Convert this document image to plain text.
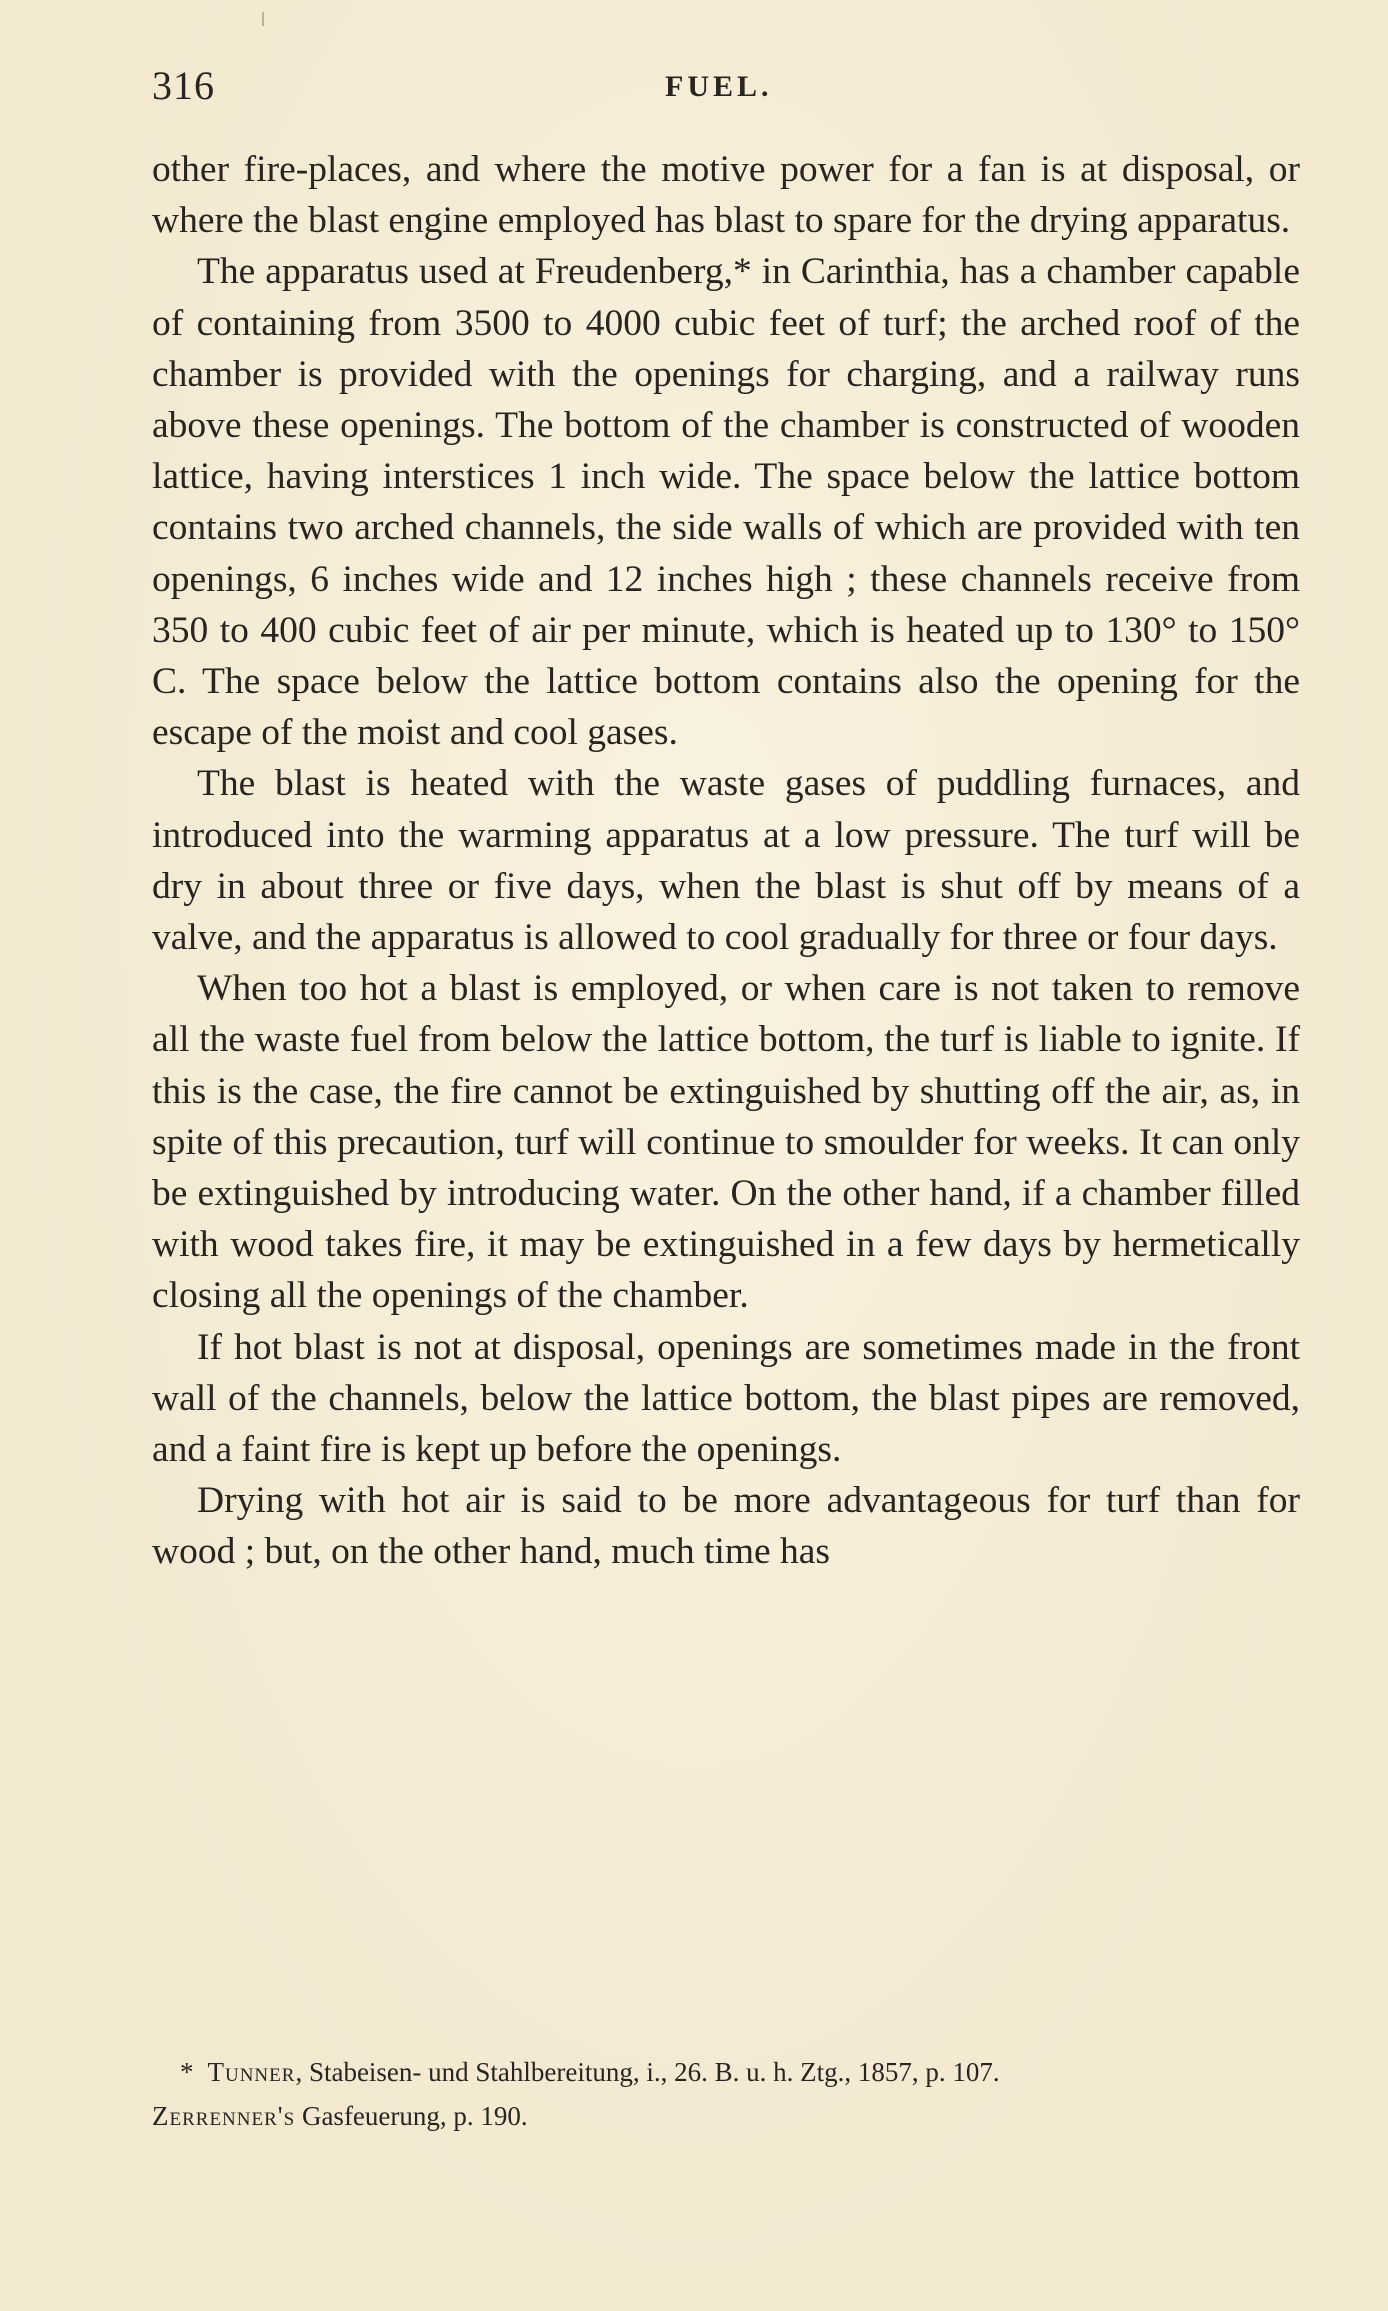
316	FUEL.

other fire-places, and where the motive power for a fan is at disposal, or where the blast engine employed has blast to spare for the drying apparatus.

The apparatus used at Freudenberg,* in Carinthia, has a chamber capable of containing from 3500 to 4000 cubic feet of turf; the arched roof of the chamber is provided with the openings for charging, and a railway runs above these openings. The bottom of the chamber is constructed of wooden lattice, having interstices 1 inch wide. The space below the lattice bottom contains two arched channels, the side walls of which are provided with ten openings, 6 inches wide and 12 inches high ; these channels receive from 350 to 400 cubic feet of air per minute, which is heated up to 130° to 150° C. The space below the lattice bottom contains also the opening for the escape of the moist and cool gases.

The blast is heated with the waste gases of puddling furnaces, and introduced into the warming apparatus at a low pressure. The turf will be dry in about three or five days, when the blast is shut off by means of a valve, and the apparatus is allowed to cool gradually for three or four days.

When too hot a blast is employed, or when care is not taken to remove all the waste fuel from below the lattice bottom, the turf is liable to ignite. If this is the case, the fire cannot be extinguished by shutting off the air, as, in spite of this precaution, turf will continue to smoulder for weeks. It can only be extinguished by introducing water. On the other hand, if a chamber filled with wood takes fire, it may be extinguished in a few days by hermetically closing all the openings of the chamber.

If hot blast is not at disposal, openings are sometimes made in the front wall of the channels, below the lattice bottom, the blast pipes are removed, and a faint fire is kept up before the openings.

Drying with hot air is said to be more advantageous for turf than for wood ; but, on the other hand, much time has

* Tunner, Stabeisen- und Stahlbereitung, i., 26. B. u. h. Ztg., 1857, p. 107.

Zerrenner's Gasfeuerung, p. 190.
